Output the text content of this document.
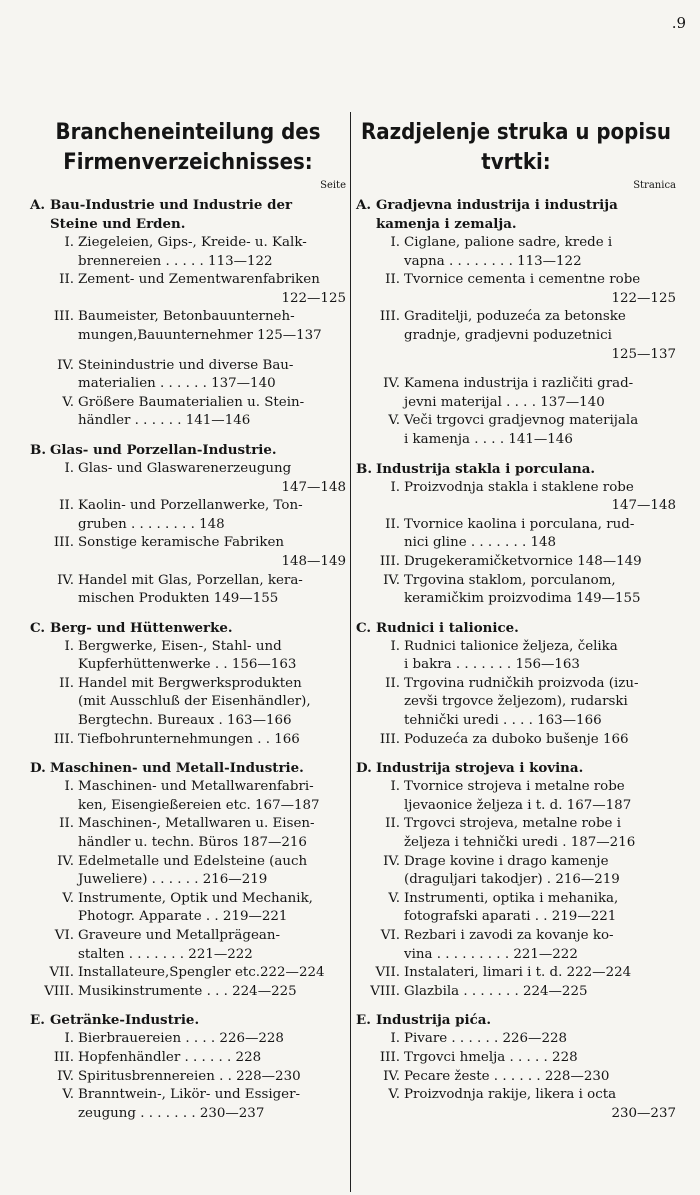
.9
Brancheneinteilung des
Firmenverzeichnisses:
Seite
A. Bau-Industrie und Industrie der
Steine und Erden.
I. Ziegeleien, Gips-, Kreide- u. Kalk-
brennereien . . . . . 113—122
II. Zement- und Zementwarenfabriken
122—125
III. Baumeister, Betonbauunterneh-
mungen,Bauunternehmer 125—137
IV. Steinindustrie und diverse Bau-
materialien . . . . . . 137—140
V. Größere Baumaterialien u. Stein-
händler . . . . . . 141—146
B. Glas- und Porzellan-Industrie.
I. Glas- und Glaswarenerzeugung
147—148
II. Kaolin- und Porzellanwerke, Ton-
gruben . . . . . . . . 148
III. Sonstige keramische Fabriken
148—149
IV. Handel mit Glas, Porzellan, kera-
mischen Produkten 149—155
C. Berg- und Hüttenwerke.
I. Bergwerke, Eisen-, Stahl- und
Kupferhüttenwerke . . 156—163
II. Handel mit Bergwerksprodukten
(mit Ausschluß der Eisenhändler),
Bergtechn. Bureaux . 163—166
III. Tiefbohrunternehmungen . . 166
D. Maschinen- und Metall-Industrie.
I. Maschinen- und Metallwarenfabri-
ken, Eisengießereien etc. 167—187
II. Maschinen-, Metallwaren u. Eisen-
händler u. techn. Büros 187—216
IV. Edelmetalle und Edelsteine (auch
Juweliere) . . . . . . 216—219
V. Instrumente, Optik und Mechanik,
Photogr. Apparate . . 219—221
VI. Graveure und Metallprägean-
stalten . . . . . . . 221—222
VII. Installateure,Spengler etc.222—224
VIII. Musikinstrumente . . . 224—225
E. Getränke-Industrie.
I. Bierbrauereien . . . . 226—228
III. Hopfenhändler . . . . . . 228
IV. Spiritusbrennereien . . 228—230
V. Branntwein-, Likör- und Essiger-
zeugung . . . . . . . 230—237
Razdjelenje struka u popisu
tvrtki:
Stranica
A. Gradjevna industrija i industrija
kamenja i zemalja.
I. Ciglane, palione sadre, krede i
vapna . . . . . . . . 113—122
II. Tvornice cementa i cementne robe
122—125
III. Graditelji, poduzeća za betonske
gradnje, gradjevni poduzetnici
125—137
IV. Kamena industrija i različiti grad-
jevni materijal . . . . 137—140
V. Veči trgovci gradjevnog materijala
i kamenja . . . . 141—146
B. Industrija stakla i porculana.
I. Proizvodnja stakla i staklene robe
147—148
II. Tvornice kaolina i porculana, rud-
nici gline . . . . . . . 148
III. Drugekeramičketvornice 148—149
IV. Trgovina staklom, porculanom,
keramičkim proizvodima 149—155
C. Rudnici i talionice.
I. Rudnici talionice željeza, čelika
i bakra . . . . . . . 156—163
II. Trgovina rudničkih proizvoda (izu-
zevši trgovce željezom), rudarski
tehnički uredi . . . . 163—166
III. Poduzeća za duboko bušenje 166
D. Industrija strojeva i kovina.
I. Tvornice strojeva i metalne robe
ljevaonice željeza i t. d. 167—187
II. Trgovci strojeva, metalne robe i
željeza i tehnički uredi . 187—216
IV. Drage kovine i drago kamenje
(draguljari takodjer) . 216—219
V. Instrumenti, optika i mehanika,
fotografski aparati . . 219—221
VI. Rezbari i zavodi za kovanje ko-
vina . . . . . . . . . 221—222
VII. Instalateri, limari i t. d. 222—224
VIII. Glazbila . . . . . . . 224—225
E. Industrija pića.
I. Pivare . . . . . . 226—228
III. Trgovci hmelja . . . . . 228
IV. Pecare žeste . . . . . . 228—230
V. Proizvodnja rakije, likera i octa
230—237
